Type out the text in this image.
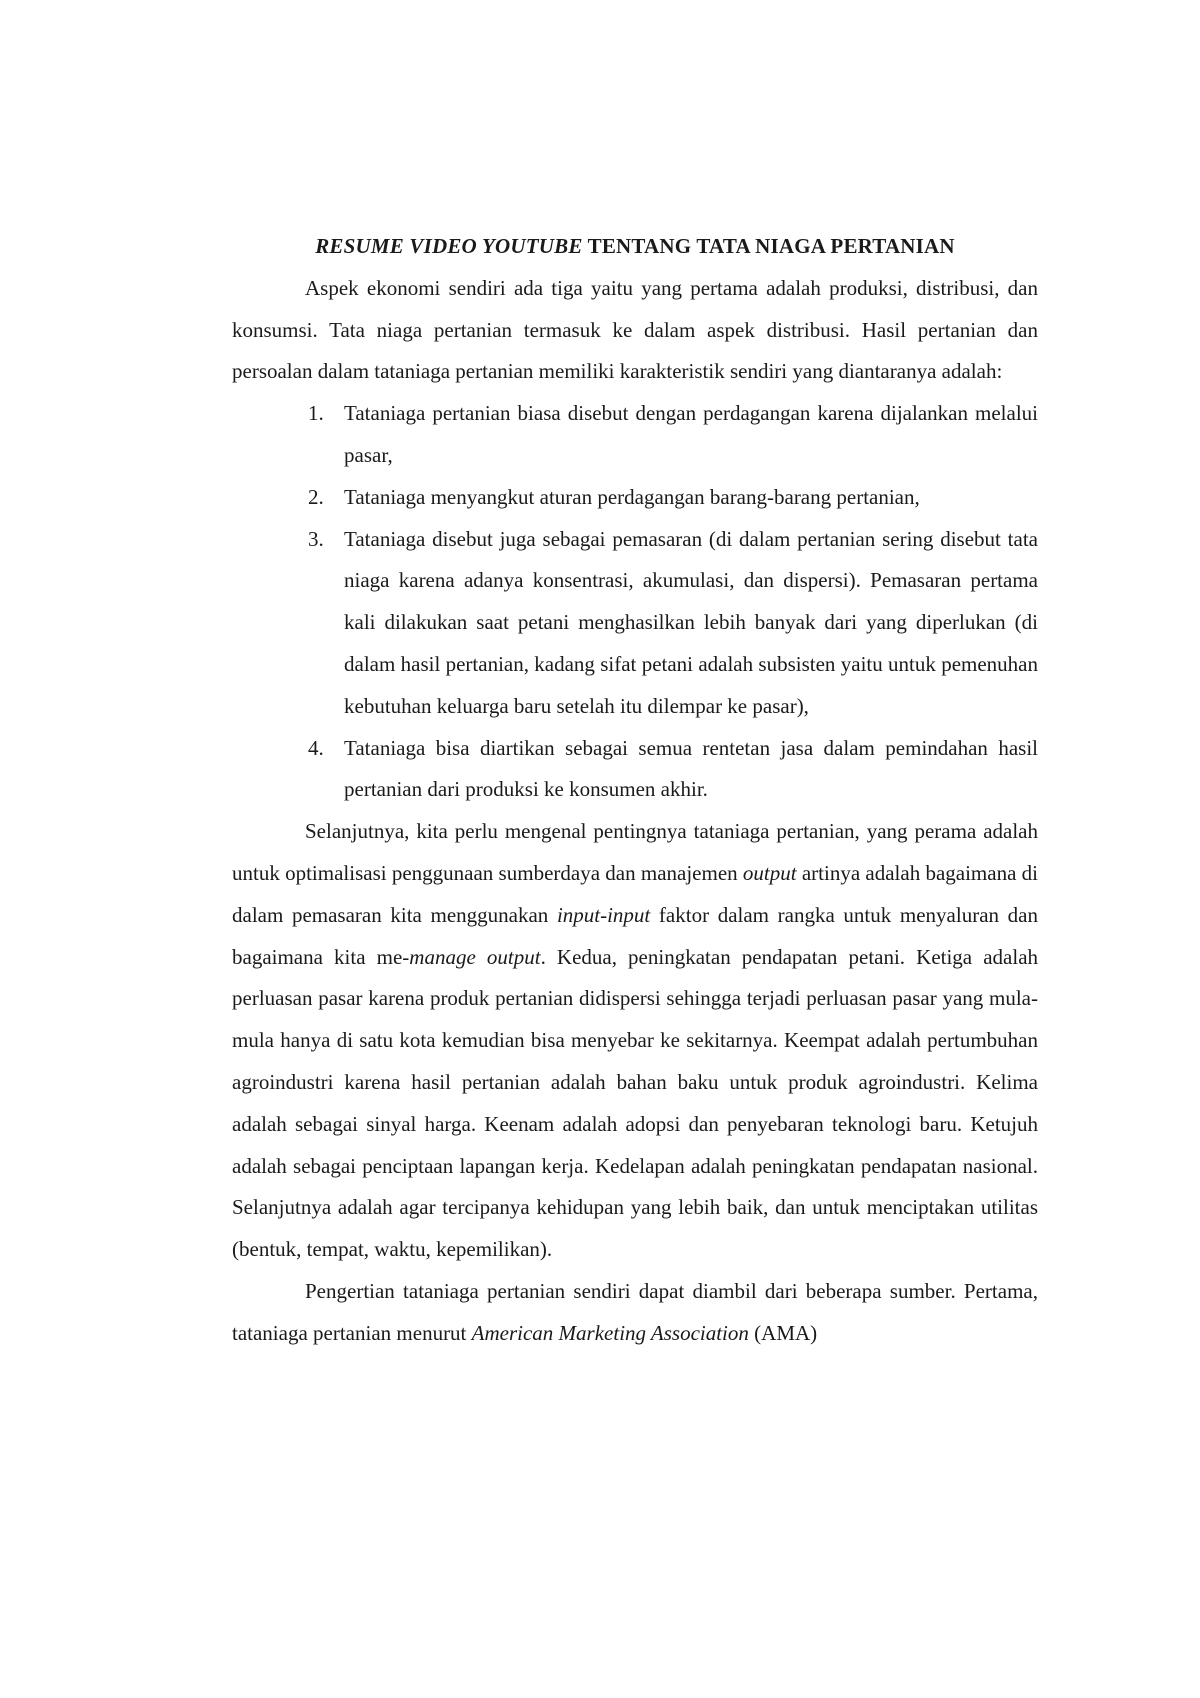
RESUME VIDEO YOUTUBE TENTANG TATA NIAGA PERTANIAN

Aspek ekonomi sendiri ada tiga yaitu yang pertama adalah produksi, distribusi, dan konsumsi. Tata niaga pertanian termasuk ke dalam aspek distribusi. Hasil pertanian dan persoalan dalam tataniaga pertanian memiliki karakteristik sendiri yang diantaranya adalah:

1. Tataniaga pertanian biasa disebut dengan perdagangan karena dijalankan melalui pasar,
2. Tataniaga menyangkut aturan perdagangan barang-barang pertanian,
3. Tataniaga disebut juga sebagai pemasaran (di dalam pertanian sering disebut tata niaga karena adanya konsentrasi, akumulasi, dan dispersi). Pemasaran pertama kali dilakukan saat petani menghasilkan lebih banyak dari yang diperlukan (di dalam hasil pertanian, kadang sifat petani adalah subsisten yaitu untuk pemenuhan kebutuhan keluarga baru setelah itu dilempar ke pasar),
4. Tataniaga bisa diartikan sebagai semua rentetan jasa dalam pemindahan hasil pertanian dari produksi ke konsumen akhir.

Selanjutnya, kita perlu mengenal pentingnya tataniaga pertanian, yang perama adalah untuk optimalisasi penggunaan sumberdaya dan manajemen output artinya adalah bagaimana di dalam pemasaran kita menggunakan input-input faktor dalam rangka untuk menyaluran dan bagaimana kita me-manage output. Kedua, peningkatan pendapatan petani. Ketiga adalah perluasan pasar karena produk pertanian didispersi sehingga terjadi perluasan pasar yang mula-mula hanya di satu kota kemudian bisa menyebar ke sekitarnya. Keempat adalah pertumbuhan agroindustri karena hasil pertanian adalah bahan baku untuk produk agroindustri. Kelima adalah sebagai sinyal harga. Keenam adalah adopsi dan penyebaran teknologi baru. Ketujuh adalah sebagai penciptaan lapangan kerja. Kedelapan adalah peningkatan pendapatan nasional. Selanjutnya adalah agar tercipanya kehidupan yang lebih baik, dan untuk menciptakan utilitas (bentuk, tempat, waktu, kepemilikan).

Pengertian tataniaga pertanian sendiri dapat diambil dari beberapa sumber. Pertama, tataniaga pertanian menurut American Marketing Association (AMA)
